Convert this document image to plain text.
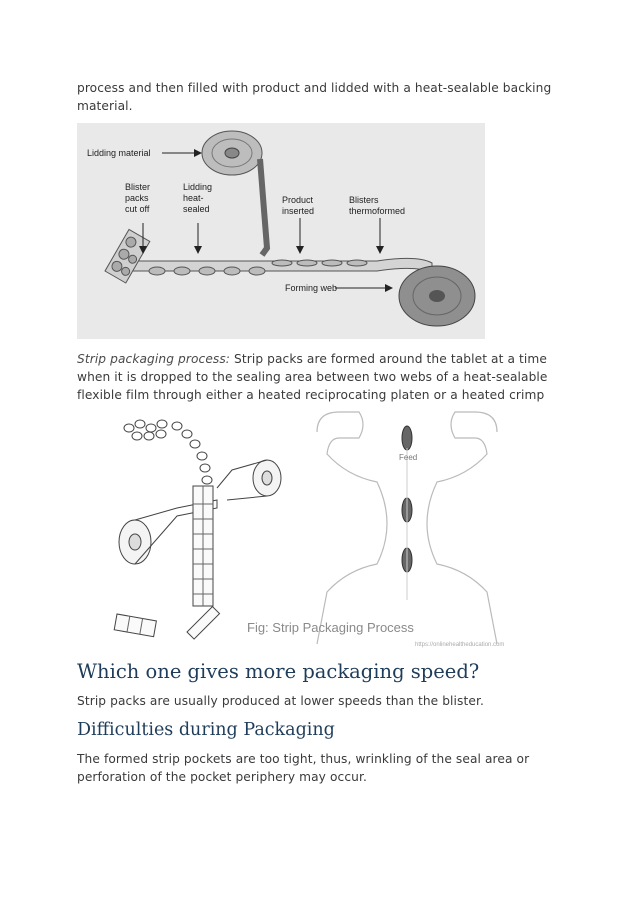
process and then filled with product and lidded with a heat-sealable backing material.
Lidding material
Blister packs cut off
Lidding heat- sealed
Product inserted
Blisters thermoformed
Forming web
Strip packaging process: Strip packs are formed around the tablet at a time when it is dropped to the sealing area between two webs of a heat-sealable flexible film through either a heated reciprocating platen or a heated crimp
Feed
Fig: Strip Packaging Process
https://onlinehealtheducation.com
Which one gives more packaging speed?
Strip packs are usually produced at lower speeds than the blister.
Difficulties during Packaging
The formed strip pockets are too tight, thus, wrinkling of the seal area or perforation of the pocket periphery may occur.
